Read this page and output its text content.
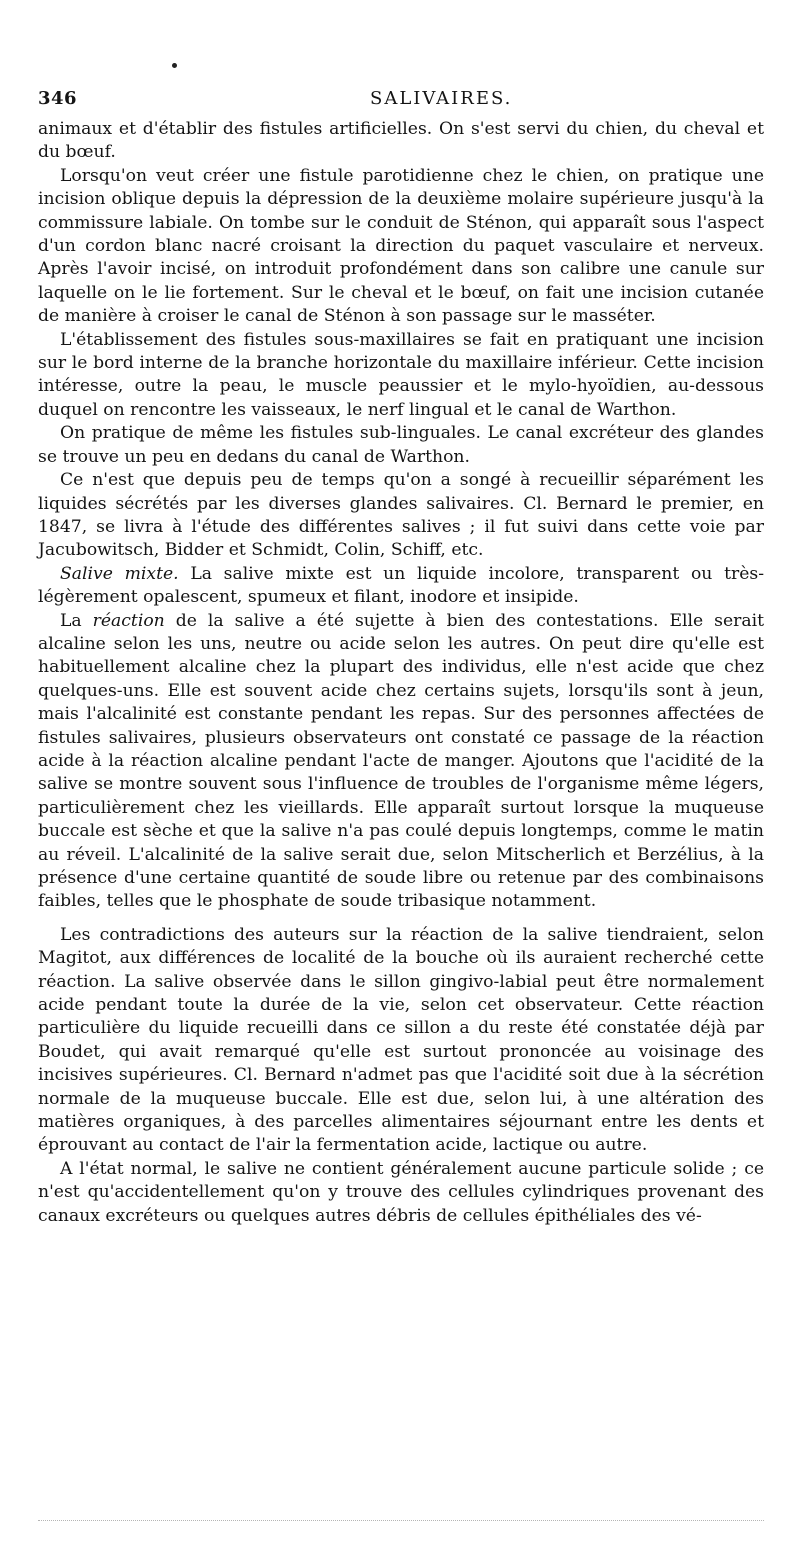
346	SALIVAIRES.

animaux et d'établir des fistules artificielles. On s'est servi du chien, du cheval et du bœuf.

Lorsqu'on veut créer une fistule parotidienne chez le chien, on pratique une incision oblique depuis la dépression de la deuxième molaire supérieure jusqu'à la commissure labiale. On tombe sur le conduit de Sténon, qui apparaît sous l'aspect d'un cordon blanc nacré croisant la direction du paquet vasculaire et nerveux. Après l'avoir incisé, on introduit profondément dans son calibre une canule sur laquelle on le lie fortement. Sur le cheval et le bœuf, on fait une incision cutanée de manière à croiser le canal de Sténon à son passage sur le masséter.

L'établissement des fistules sous-maxillaires se fait en pratiquant une incision sur le bord interne de la branche horizontale du maxillaire inférieur. Cette incision intéresse, outre la peau, le muscle peaussier et le mylo-hyoïdien, au-dessous duquel on rencontre les vaisseaux, le nerf lingual et le canal de Warthon.

On pratique de même les fistules sub-linguales. Le canal excréteur des glandes se trouve un peu en dedans du canal de Warthon.

Ce n'est que depuis peu de temps qu'on a songé à recueillir séparément les liquides sécrétés par les diverses glandes salivaires. Cl. Bernard le premier, en 1847, se livra à l'étude des différentes salives ; il fut suivi dans cette voie par Jacubowitsch, Bidder et Schmidt, Colin, Schiff, etc.

Salive mixte. La salive mixte est un liquide incolore, transparent ou très-légèrement opalescent, spumeux et filant, inodore et insipide.

La réaction de la salive a été sujette à bien des contestations. Elle serait alcaline selon les uns, neutre ou acide selon les autres. On peut dire qu'elle est habituellement alcaline chez la plupart des individus, elle n'est acide que chez quelques-uns. Elle est souvent acide chez certains sujets, lorsqu'ils sont à jeun, mais l'alcalinité est constante pendant les repas. Sur des personnes affectées de fistules salivaires, plusieurs observateurs ont constaté ce passage de la réaction acide à la réaction alcaline pendant l'acte de manger. Ajoutons que l'acidité de la salive se montre souvent sous l'influence de troubles de l'organisme même légers, particulièrement chez les vieillards. Elle apparaît surtout lorsque la muqueuse buccale est sèche et que la salive n'a pas coulé depuis longtemps, comme le matin au réveil. L'alcalinité de la salive serait due, selon Mitscherlich et Berzélius, à la présence d'une certaine quantité de soude libre ou retenue par des combinaisons faibles, telles que le phosphate de soude tribasique notamment.

Les contradictions des auteurs sur la réaction de la salive tiendraient, selon Magitot, aux différences de localité de la bouche où ils auraient recherché cette réaction. La salive observée dans le sillon gingivo-labial peut être normalement acide pendant toute la durée de la vie, selon cet observateur. Cette réaction particulière du liquide recueilli dans ce sillon a du reste été constatée déjà par Boudet, qui avait remarqué qu'elle est surtout prononcée au voisinage des incisives supérieures. Cl. Bernard n'admet pas que l'acidité soit due à la sécrétion normale de la muqueuse buccale. Elle est due, selon lui, à une altération des matières organiques, à des parcelles alimentaires séjournant entre les dents et éprouvant au contact de l'air la fermentation acide, lactique ou autre.

A l'état normal, le salive ne contient généralement aucune particule solide ; ce n'est qu'accidentellement qu'on y trouve des cellules cylindriques provenant des canaux excréteurs ou quelques autres débris de cellules épithéliales des vé-
